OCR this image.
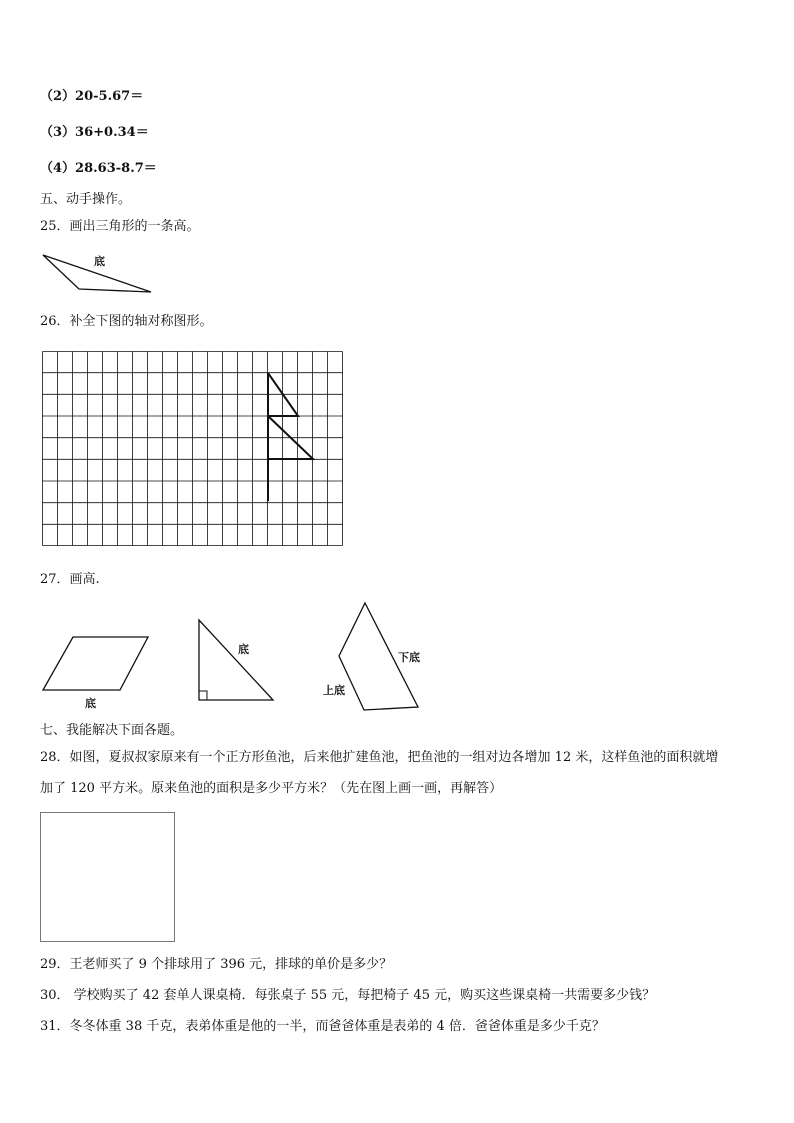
（2）20-5.67＝
（3）36+0.34＝
（4）28.63-8.7＝
五、动手操作。
25．画出三角形的一条高。
底
26．补全下图的轴对称图形。
27．画高.
底
底
下底
上底
七、我能解决下面各题。
28．如图，夏叔叔家原来有一个正方形鱼池，后来他扩建鱼池，把鱼池的一组对边各增加 12 米，这样鱼池的面积就增
加了 120 平方米。原来鱼池的面积是多少平方米？（先在图上画一画，再解答）
29．王老师买了 9 个排球用了 396 元，排球的单价是多少？
30． 学校购买了 42 套单人课桌椅．每张桌子 55 元，每把椅子 45 元，购买这些课桌椅一共需要多少钱？
31．冬冬体重 38 千克，表弟体重是他的一半，而爸爸体重是表弟的 4 倍．爸爸体重是多少千克？
